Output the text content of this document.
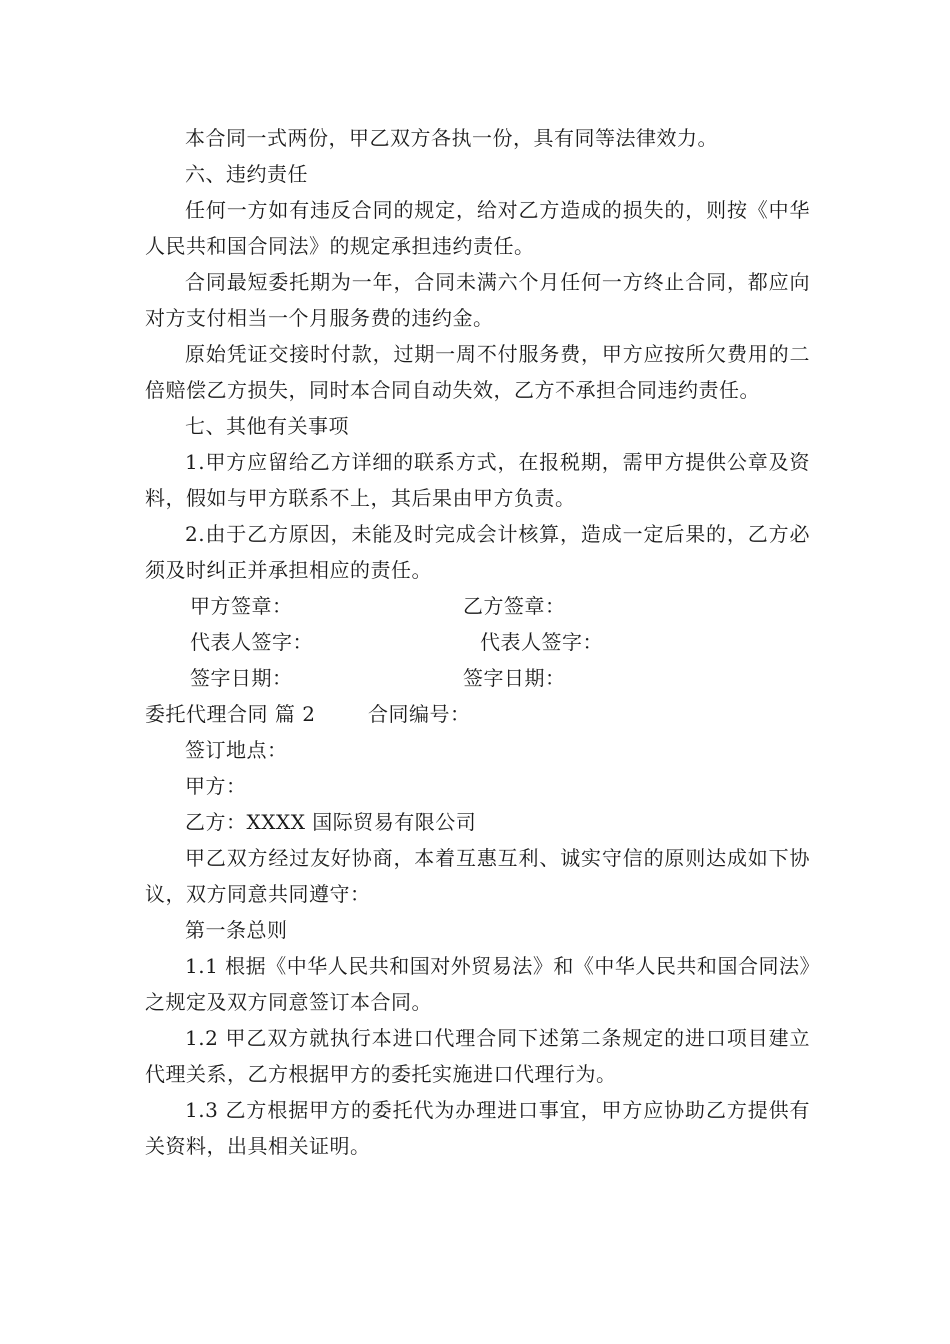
本合同一式两份，甲乙双方各执一份，具有同等法律效力。

六、违约责任

任何一方如有违反合同的规定，给对乙方造成的损失的，则按《中华人民共和国合同法》的规定承担违约责任。

合同最短委托期为一年，合同未满六个月任何一方终止合同，都应向对方支付相当一个月服务费的违约金。

原始凭证交接时付款，过期一周不付服务费，甲方应按所欠费用的二倍赔偿乙方损失，同时本合同自动失效，乙方不承担合同违约责任。

七、其他有关事项

1.甲方应留给乙方详细的联系方式，在报税期，需甲方提供公章及资料，假如与甲方联系不上，其后果由甲方负责。

2.由于乙方原因，未能及时完成会计核算，造成一定后果的，乙方必须及时纠正并承担相应的责任。

甲方签章：	乙方签章：
代表人签字：	代表人签字：
签字日期：	签字日期：
委托代理合同 篇 2	合同编号：

签订地点：

甲方：

乙方：XXXX 国际贸易有限公司

甲乙双方经过友好协商，本着互惠互利、诚实守信的原则达成如下协议，双方同意共同遵守：

第一条总则

1.1 根据《中华人民共和国对外贸易法》和《中华人民共和国合同法》之规定及双方同意签订本合同。

1.2 甲乙双方就执行本进口代理合同下述第二条规定的进口项目建立代理关系，乙方根据甲方的委托实施进口代理行为。

1.3 乙方根据甲方的委托代为办理进口事宜，甲方应协助乙方提供有关资料，出具相关证明。
